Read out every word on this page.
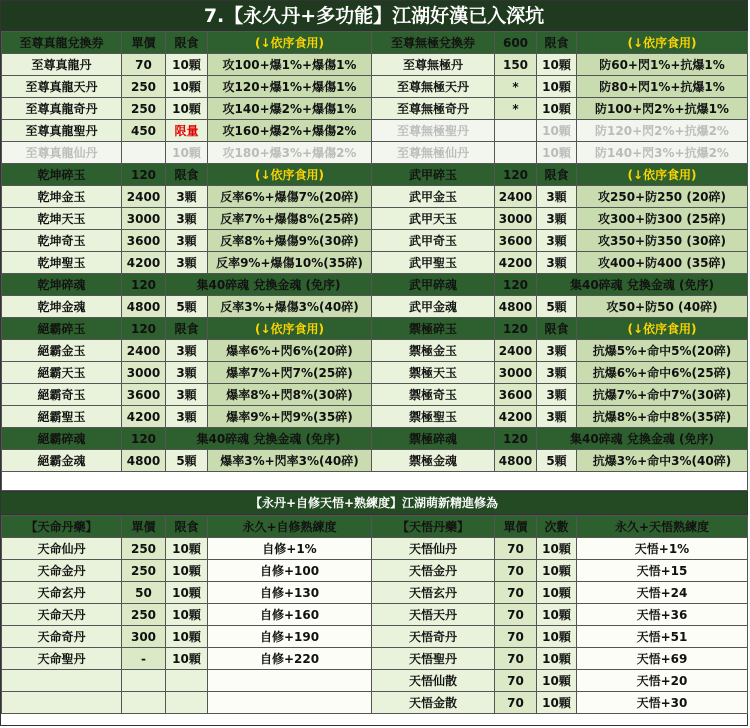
7.【永久丹+多功能】江湖好漢已入深坑
至尊真龍兌換券	單價	限食	(↓依序食用)	至尊無極兌換券	600	限食	(↓依序食用)
至尊真龍丹	70	10顆	攻100+爆1%+爆傷1%	至尊無極丹	150	10顆	防60+閃1%+抗爆1%
至尊真龍天丹	250	10顆	攻120+爆1%+爆傷1%	至尊無極天丹	*	10顆	防80+閃1%+抗爆1%
至尊真龍奇丹	250	10顆	攻140+爆2%+爆傷1%	至尊無極奇丹	*	10顆	防100+閃2%+抗爆1%
至尊真龍聖丹	450	限量	攻160+爆2%+爆傷2%	至尊無極聖丹		10顆	防120+閃2%+抗爆2%
至尊真龍仙丹		10顆	攻180+爆3%+爆傷2%	至尊無極仙丹		10顆	防140+閃3%+抗爆2%
乾坤碎玉	120	限食	(↓依序食用)	武甲碎玉	120	限食	(↓依序食用)
乾坤金玉	2400	3顆	反率6%+爆傷7%(20碎)	武甲金玉	2400	3顆	攻250+防250 (20碎)
乾坤天玉	3000	3顆	反率7%+爆傷8%(25碎)	武甲天玉	3000	3顆	攻300+防300 (25碎)
乾坤奇玉	3600	3顆	反率8%+爆傷9%(30碎)	武甲奇玉	3600	3顆	攻350+防350 (30碎)
乾坤聖玉	4200	3顆	反率9%+爆傷10%(35碎)	武甲聖玉	4200	3顆	攻400+防400 (35碎)
乾坤碎魂	120	集40碎魂 兌換金魂 (免序)		武甲碎魂	120	集40碎魂 兌換金魂 (免序)	
乾坤金魂	4800	5顆	反率3%+爆傷3%(40碎)	武甲金魂	4800	5顆	攻50+防50 (40碎)
絕霸碎玉	120	限食	(↓依序食用)	禦極碎玉	120	限食	(↓依序食用)
絕霸金玉	2400	3顆	爆率6%+閃6%(20碎)	禦極金玉	2400	3顆	抗爆5%+命中5%(20碎)
絕霸天玉	3000	3顆	爆率7%+閃7%(25碎)	禦極天玉	3000	3顆	抗爆6%+命中6%(25碎)
絕霸奇玉	3600	3顆	爆率8%+閃8%(30碎)	禦極奇玉	3600	3顆	抗爆7%+命中7%(30碎)
絕霸聖玉	4200	3顆	爆率9%+閃9%(35碎)	禦極聖玉	4200	3顆	抗爆8%+命中8%(35碎)
絕霸碎魂	120	集40碎魂 兌換金魂 (免序)		禦極碎魂	120	集40碎魂 兌換金魂 (免序)	
絕霸金魂	4800	5顆	爆率3%+閃率3%(40碎)	禦極金魂	4800	5顆	抗爆3%+命中3%(40碎)

【永丹+自修天悟+熟練度】江湖萌新精進修為
【天命丹藥】	單價	限食	永久+自修熟練度	【天悟丹藥】	單價	次數	永久+天悟熟練度
天命仙丹	250	10顆	自修+1%	天悟仙丹	70	10顆	天悟+1%
天命金丹	250	10顆	自修+100	天悟金丹	70	10顆	天悟+15
天命玄丹	50	10顆	自修+130	天悟玄丹	70	10顆	天悟+24
天命天丹	250	10顆	自修+160	天悟天丹	70	10顆	天悟+36
天命奇丹	300	10顆	自修+190	天悟奇丹	70	10顆	天悟+51
天命聖丹	-	10顆	自修+220	天悟聖丹	70	10顆	天悟+69
				天悟仙散	70	10顆	天悟+20
				天悟金散	70	10顆	天悟+30
